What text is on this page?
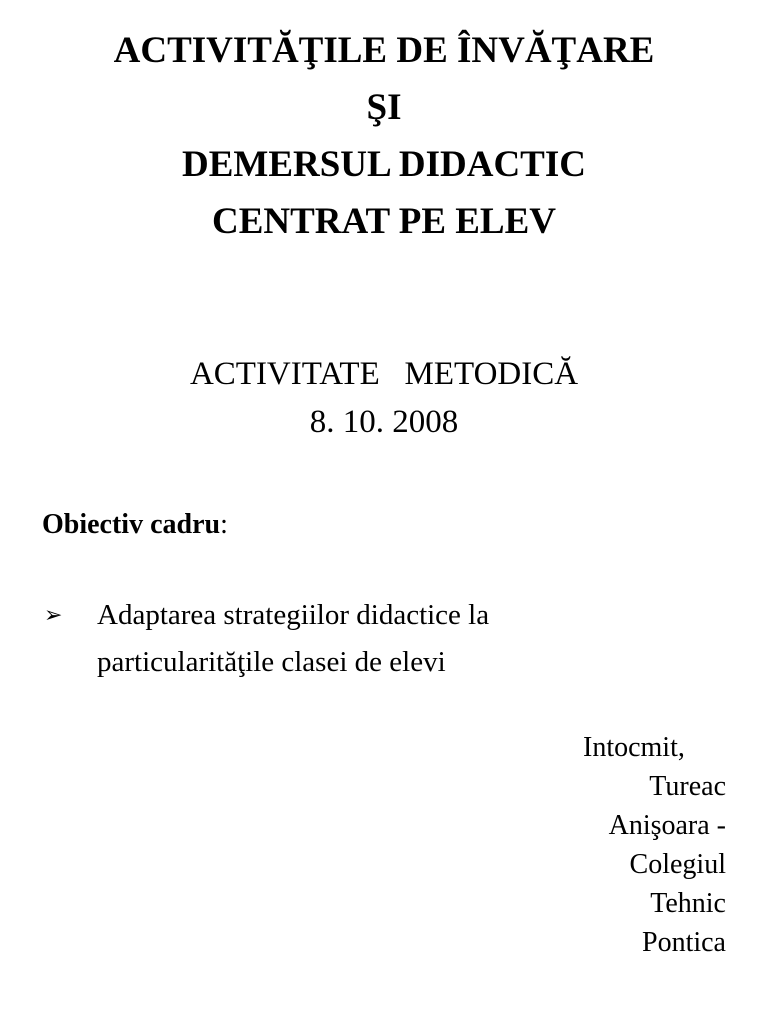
ACTIVITĂŢILE DE ÎNVĂŢARE
ŞI
DEMERSUL DIDACTIC
CENTRAT PE ELEV
ACTIVITATE   METODICĂ
8. 10. 2008
Obiectiv cadru:
➢ Adaptarea strategiilor didactice la
particularităţile clasei de elevi
Intocmit,
Tureac
Anişoara -
Colegiul
Tehnic
Pontica
